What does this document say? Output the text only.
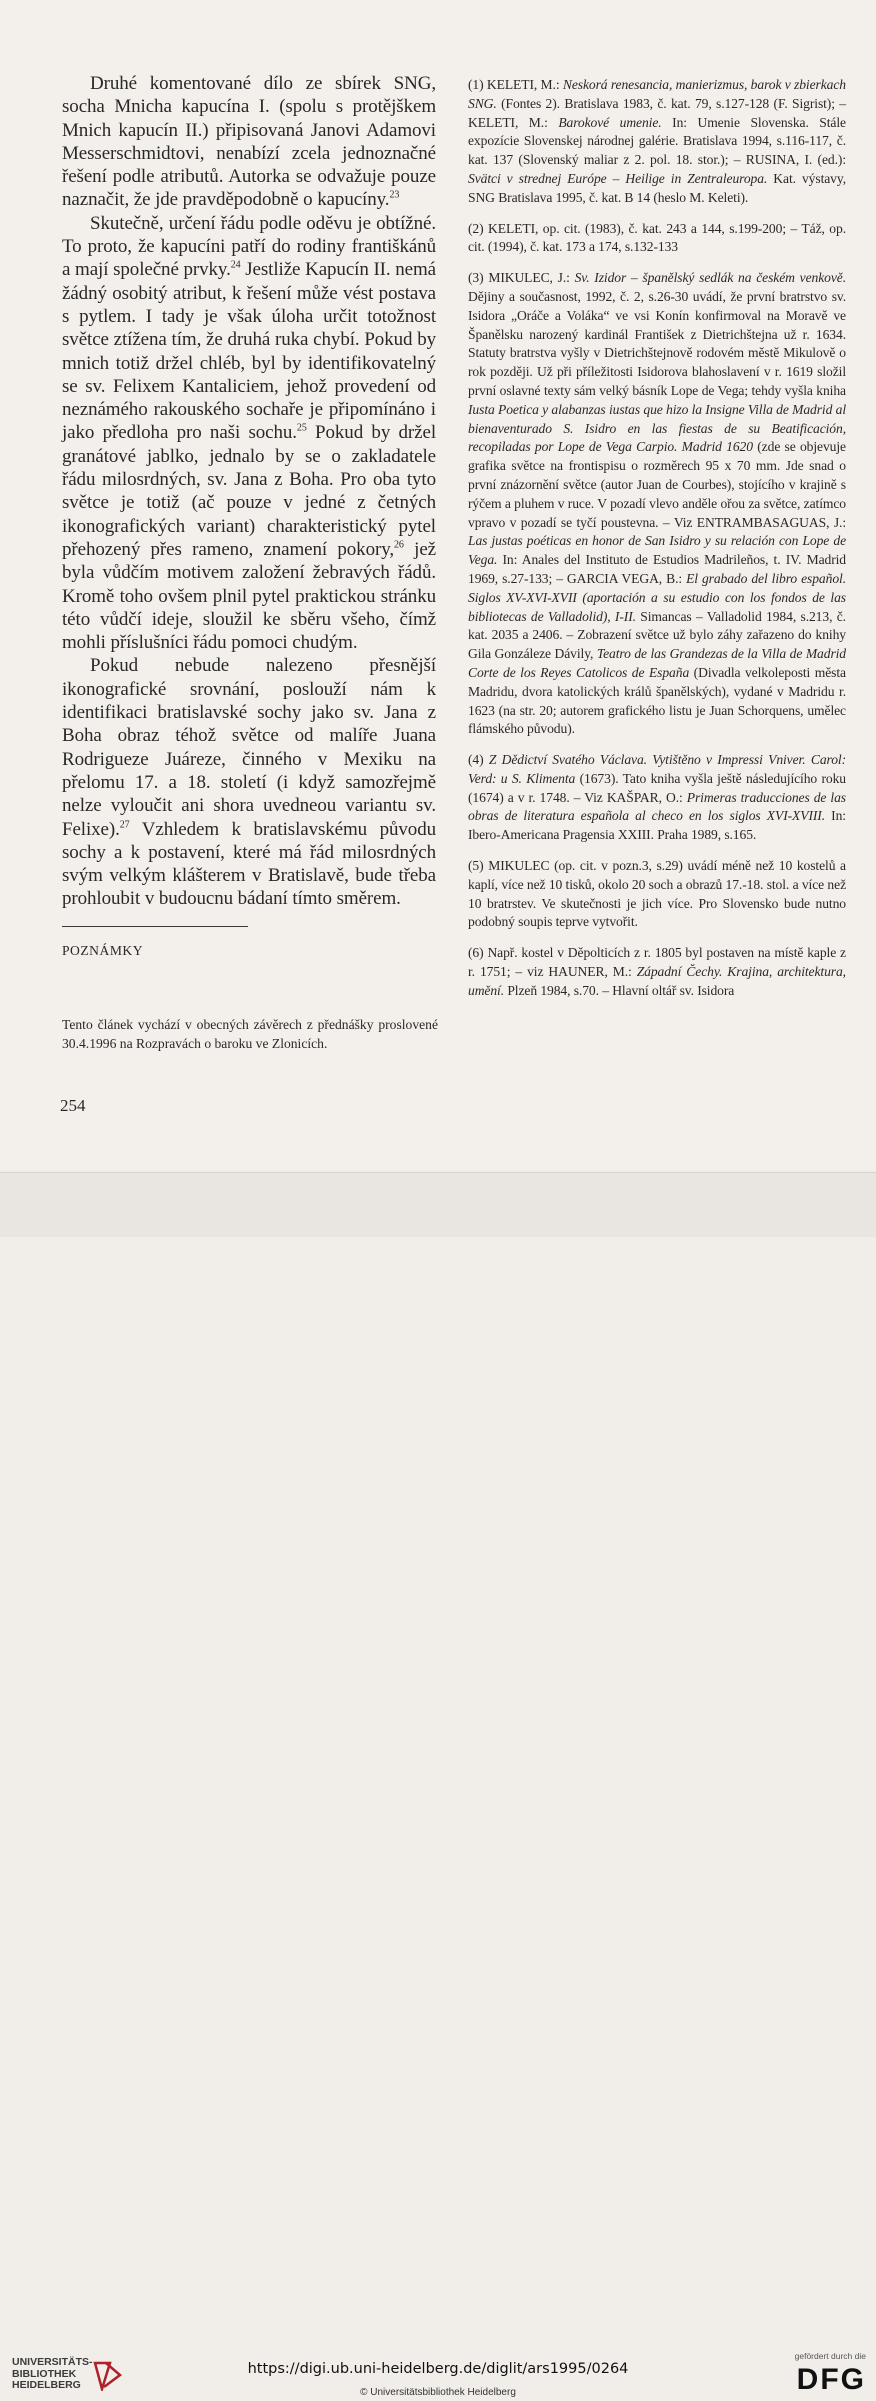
Druhé komentované dílo ze sbírek SNG, socha Mnicha kapucína I. (spolu s protějškem Mnich kapucín II.) připisovaná Janovi Adamovi Messerschmidtovi, nenabízí zcela jednoznačné řešení podle atributů. Autorka se odvažuje pouze naznačit, že jde pravděpodobně o kapucíny.$^{23}$

Skutečně, určení řádu podle oděvu je obtížné. To proto, že kapucíni patří do rodiny františkánů a mají společné prvky.$^{24}$ Jestliže Kapucín II. nemá žádný osobitý atribut, k řešení může vést postava s pytlem. I tady je však úloha určit totožnost světce ztížena tím, že druhá ruka chybí. Pokud by mnich totiž držel chléb, byl by identifikovatelný se sv. Felixem Kantaliciem, jehož provedení od neznámého rakouského sochaře je připomínáno i jako předloha pro naši sochu.$^{25}$ Pokud by držel granátové jablko, jednalo by se o zakladatele řádu milosrdných, sv. Jana z Boha. Pro oba tyto světce je totiž (ač pouze v jedné z četných ikonografických variant) charakteristický pytel přehozený přes rameno, znamení pokory,$^{26}$ jež byla vůdčím motivem založení žebravých řádů. Kromě toho ovšem plnil pytel praktickou stránku této vůdčí ideje, sloužil ke sběru všeho, čímž mohli příslušníci řádu pomoci chudým.

Pokud nebude nalezeno přesnější ikonografické srovnání, poslouží nám k identifikaci bratislavské sochy jako sv. Jana z Boha obraz téhož světce od malíře Juana Rodrigueze Juáreze, činného v Mexiku na přelomu 17. a 18. století (i když samozřejmě nelze vyloučit ani shora uvedneou variantu sv. Felixe).$^{27}$ Vzhledem k bratislavskému původu sochy a k postavení, které má řád milosrdných svým velkým klášterem v Bratislavě, bude třeba prohloubit v budoucnu bádaní tímto směrem.

POZNÁMKY
Tento článek vychází v obecných závěrech z přednášky proslovené 30.4.1996 na Rozpravách o baroku ve Zlonicích.
254

(1) KELETI, M.: Neskorá renesancia, manierizmus, barok v zbierkach SNG. (Fontes 2). Bratislava 1983, č. kat. 79, s.127-128 (F. Sigrist); – KELETI, M.: Barokové umenie. In: Umenie Slovenska. Stále expozície Slovenskej národnej galérie. Bratislava 1994, s.116-117, č. kat. 137 (Slovenský maliar z 2. pol. 18. stor.); – RUSINA, I. (ed.): Svätci v strednej Európe – Heilige in Zentraleuropa. Kat. výstavy, SNG Bratislava 1995, č. kat. B 14 (heslo M. Keleti).

(2) KELETI, op. cit. (1983), č. kat. 243 a 144, s.199-200; – Táž, op. cit. (1994), č. kat. 173 a 174, s.132-133

(3) MIKULEC, J.: Sv. Izidor – španělský sedlák na českém venkově. Dějiny a současnost, 1992, č. 2, s.26-30 uvádí, že první bratrstvo sv. Isidora „Oráče a Voláka“ ve vsi Konín konfirmoval na Moravě ve Španělsku narozený kardinál František z Dietrichštejna už r. 1634. Statuty bratrstva vyšly v Dietrichštejnově rodovém městě Mikulově o rok později. Už při příležitosti Isidorova blahoslavení v r. 1619 složil první oslavné texty sám velký básník Lope de Vega; tehdy vyšla kniha Iusta Poetica y alabanzas iustas que hizo la Insigne Villa de Madrid al bienaventurado S. Isidro en las fiestas de su Beatificación, recopiladas por Lope de Vega Carpio. Madrid 1620 (zde se objevuje grafika světce na frontispisu o rozměrech 95 x 70 mm. Jde snad o první znázornění světce (autor Juan de Courbes), stojícího v krajině s rýčem a pluhem v ruce. V pozadí vlevo anděle ořou za světce, zatímco vpravo v pozadí se tyčí poustevna. – Viz ENTRAMBASAGUAS, J.: Las justas poéticas en honor de San Isidro y su relación con Lope de Vega. In: Anales del Instituto de Estudios Madrileños, t. IV. Madrid 1969, s.27-133; – GARCIA VEGA, B.: El grabado del libro español. Siglos XV-XVI-XVII (aportación a su estudio con los fondos de las bibliotecas de Valladolid), I-II. Simancas – Valladolid 1984, s.213, č. kat. 2035 a 2406. – Zobrazení světce už bylo záhy zařazeno do knihy Gila Gonzáleze Dávily, Teatro de las Grandezas de la Villa de Madrid Corte de los Reyes Catolicos de España (Divadla velkoleposti města Madridu, dvora katolických králů španělských), vydané v Madridu r. 1623 (na str. 20; autorem grafického listu je Juan Schorquens, umělec flámského původu).

(4) Z Dědictví Svatého Václava. Vytištěno v Impressi Vniver. Carol: Verd: u S. Klimenta (1673). Tato kniha vyšla ještě následujícího roku (1674) a v r. 1748. – Viz KAŠPAR, O.: Primeras traducciones de las obras de literatura española al checo en los siglos XVI-XVIII. In: Ibero-Americana Pragensia XXIII. Praha 1989, s.165.

(5) MIKULEC (op. cit. v pozn.3, s.29) uvádí méně než 10 kostelů a kaplí, více než 10 tisků, okolo 20 soch a obrazů 17.-18. stol. a více než 10 bratrstev. Ve skutečnosti je jich více. Pro Slovensko bude nutno podobný soupis teprve vytvořit.

(6) Např. kostel v Děpolticích z r. 1805 byl postaven na místě kaple z r. 1751; – viz HAUNER, M.: Západní Čechy. Krajina, architektura, umění. Plzeň 1984, s.70. – Hlavní oltář sv. Isidora

UNIVERSITÄTS-
BIBLIOTHEK
HEIDELBERG
https://digi.ub.uni-heidelberg.de/diglit/ars1995/0264
© Universitätsbibliothek Heidelberg
gefördert durch die
DFG
